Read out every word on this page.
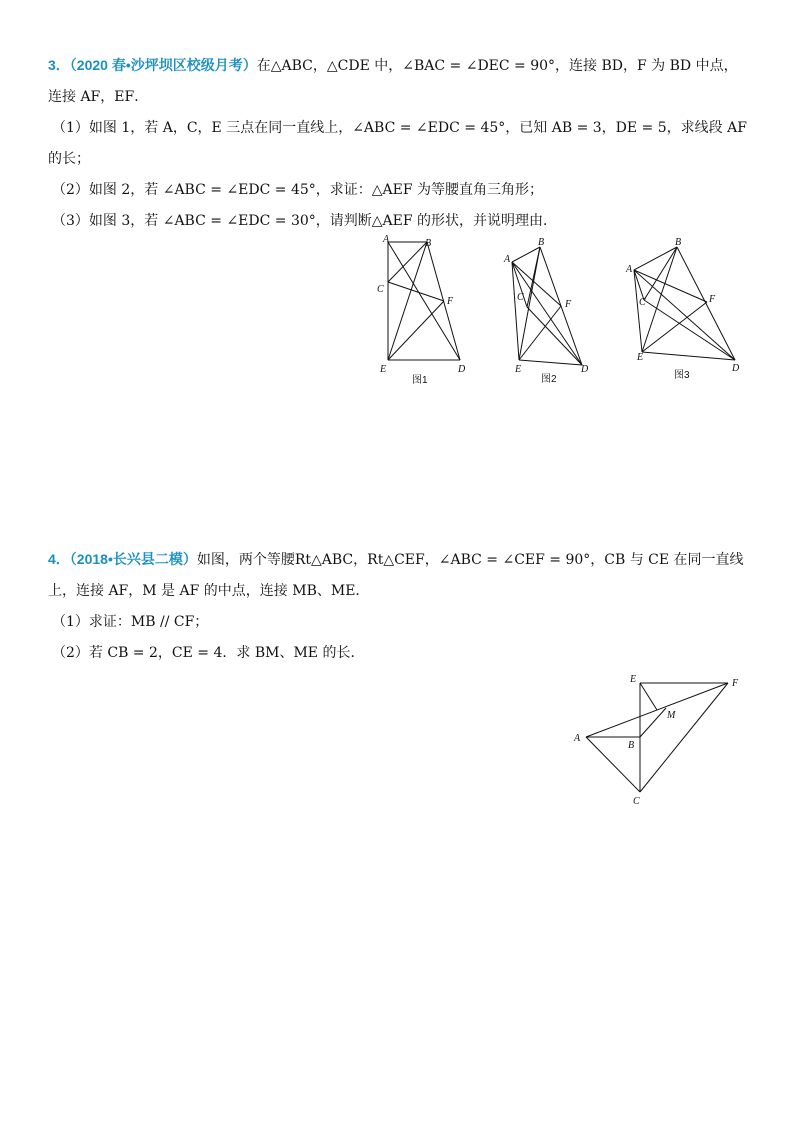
3．（2020 春•沙坪坝区校级月考）在△ABC，△CDE 中，∠BAC = ∠DEC = 90°，连接 BD，F 为 BD 中点，
连接 AF，EF．
（1）如图 1，若 A，C，E 三点在同一直线上，∠ABC = ∠EDC = 45°，已知 AB = 3，DE = 5，求线段 AF
的长；
（2）如图 2，若 ∠ABC = ∠EDC = 45°，求证：△AEF 为等腰直角三角形；
（3）如图 3，若 ∠ABC = ∠EDC = 30°，请判断△AEF 的形状，并说明理由．
A	B
C
F
E	D
图1
A
B
C
F
E	D
图2
A
B
C	F
E
D
图3
4．（2018•长兴县二模）如图，两个等腰Rt△ABC，Rt△CEF，∠ABC = ∠CEF = 90°，CB 与 CE 在同一直线
上，连接 AF，M 是 AF 的中点，连接 MB、ME．
（1）求证：MB // CF；
（2）若 CB = 2，CE = 4．求 BM、ME 的长．
E	F
M
A
B
C
